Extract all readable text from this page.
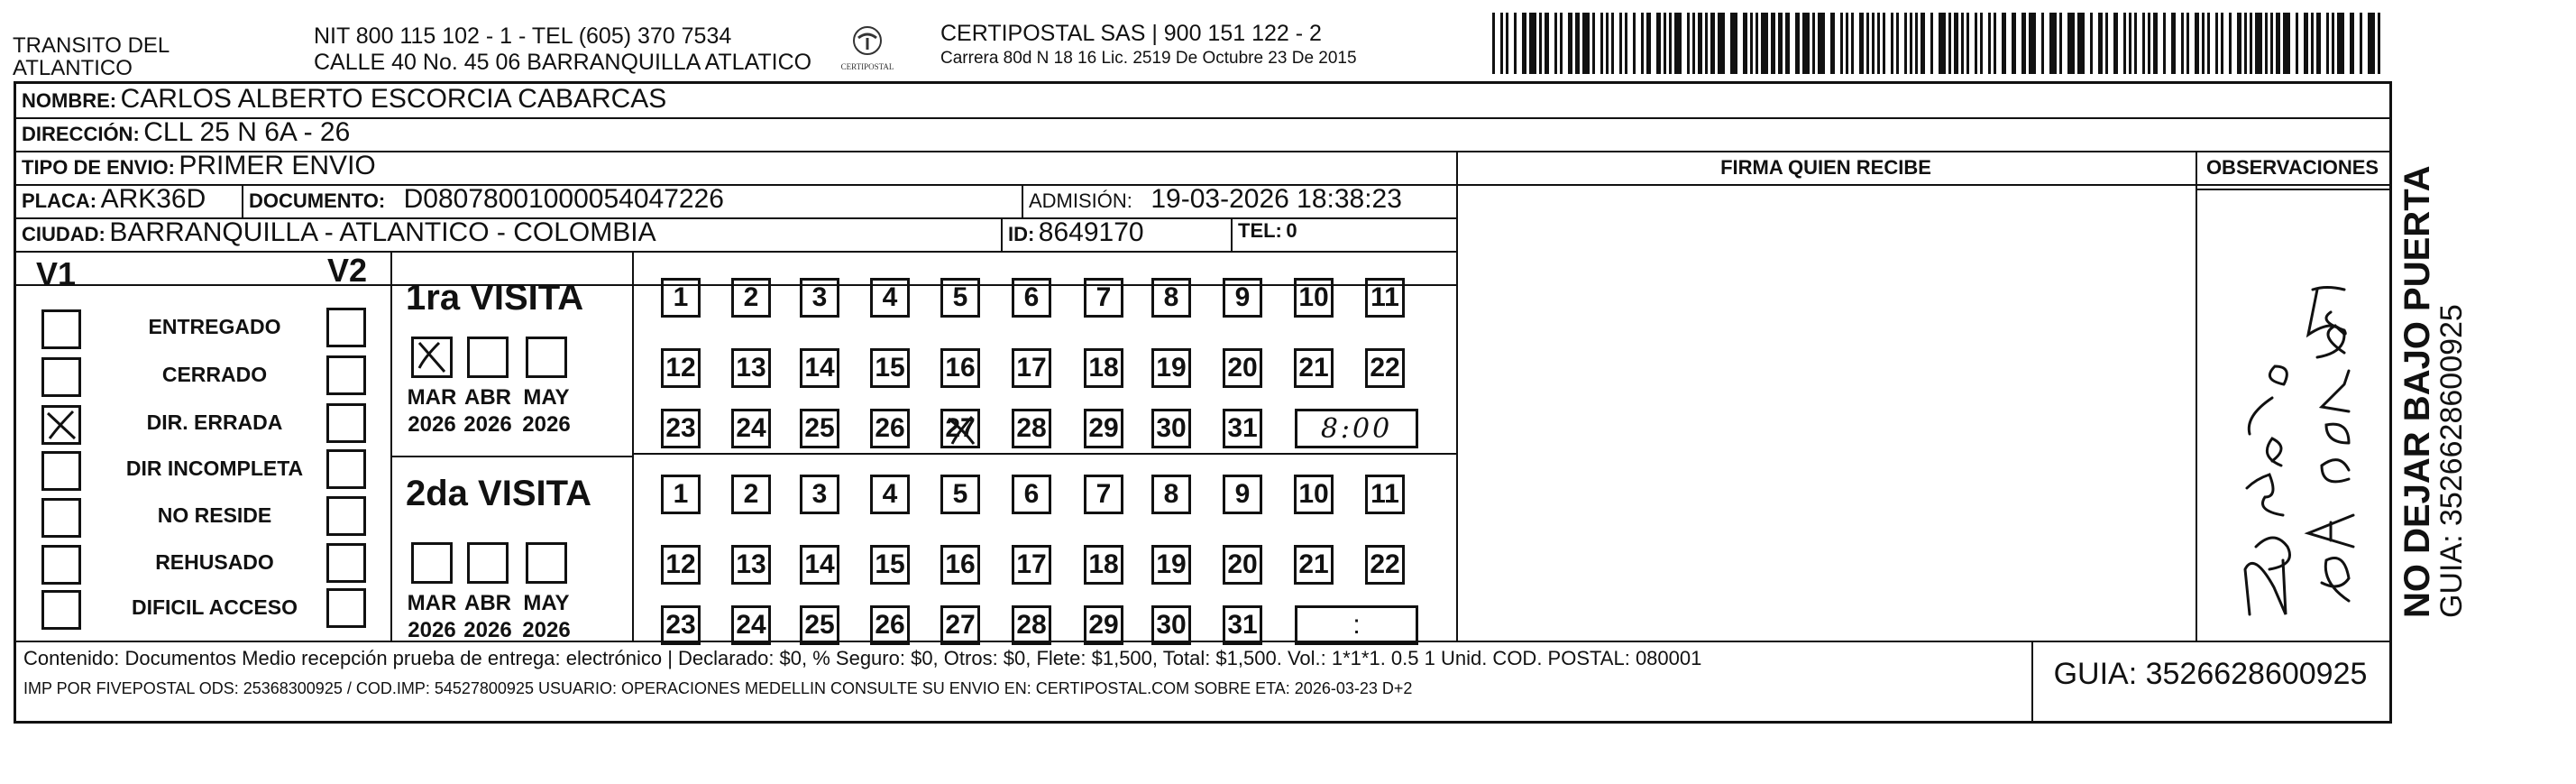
TRANSITO DEL
ATLANTICO
NIT 800 115 102 - 1 - TEL (605) 370 7534
CALLE 40 No. 45 06 BARRANQUILLA ATLATICO	CERTIPOSTAL
CERTIPOSTAL SAS | 900 151 122 - 2
Carrera 80d N 18 16 Lic. 2519 De Octubre 23 De 2015
NOMBRE: CARLOS ALBERTO ESCORCIA CABARCAS
DIRECCIÓN: CLL 25 N 6A - 26
TIPO DE ENVIO: PRIMER ENVIO	FIRMA QUIEN RECIBE	OBSERVACIONES
PLACA: ARK36D DOCUMENTO: D08078001000054047226	ADMISIÓN: 19-03-2026 18:38:23
CIUDAD: BARRANQUILLA - ATLANTICO - COLOMBIA	ID: 8649170	TEL: 0
V1	V2
ENTREGADO
CERRADO
DIR. ERRADA
DIR INCOMPLETA
NO RESIDE
REHUSADO
DIFICIL ACCESO
1ra VISITA
2da VISITA
1 2 3 4 5 6 7 8 9 10 11
12 13 14 15 16 17 18 19 20 21 22
23 24 25 26 27 28 29 30 31 8:00
MAR
2026
ABR
2026
MAY
2026
1 2 3 4 5 6 7 8 9 10 11
12 13 14 15 16 17 18 19 20 21 22
23 24 25 26 27 28 29 30 31	:
MAR
2026
ABR
2026
MAY
2026
Contenido: Documentos Medio recepción prueba de entrega: electrónico | Declarado: $0, % Seguro: $0, Otros: $0, Flete: $1,500, Total: $1,500. Vol.: 1*1*1. 0.5 1 Unid. COD. POSTAL: 080001
IMP POR FIVEPOSTAL ODS: 25368300925 / COD.IMP: 54527800925 USUARIO: OPERACIONES MEDELLIN CONSULTE SU ENVIO EN: CERTIPOSTAL.COM SOBRE ETA: 2026-03-23 D+2	GUIA: 3526628600925
NO DEJAR BAJO PUERTA
GUIA: 3526628600925
